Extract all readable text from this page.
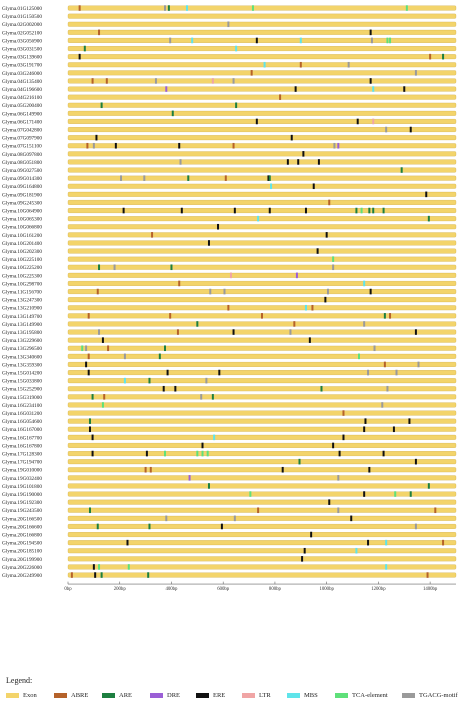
Glyma.01G125000
Glyma.01G150500
Glyma.02G002000
Glyma.02G052100
Glyma.03G056900
Glyma.03G031500
Glyma.03G139600
Glyma.03G191700
Glyma.03G246000
Glyma.04G135400
Glyma.04G196600
Glyma.04G216100
Glyma.05G200400
Glyma.06G149900
Glyma.06G171400
Glyma.07G042800
Glyma.07G097900
Glyma.07G151100
Glyma.08G097800
Glyma.08G051800
Glyma.09G027500
Glyma.09G014300
Glyma.09G164800
Glyma.09G181900
Glyma.09G245300
Glyma.10G064900
Glyma.10G065300
Glyma.10G066800
Glyma.10G161200
Glyma.10G201400
Glyma.10G202300
Glyma.10G225100
Glyma.10G225200
Glyma.10G225300
Glyma.10G298700
Glyma.11G156700
Glyma.13G247300
Glyma.13G210900
Glyma.13G149700
Glyma.13G149900
Glyma.13G195800
Glyma.13G229600
Glyma.13G296500
Glyma.13G340600
Glyma.13G359300
Glyma.15G014200
Glyma.15G033800
Glyma.15G252900
Glyma.15G319000
Glyma.16G234100
Glyma.16G031200
Glyma.16G054600
Glyma.16G167000
Glyma.16G167700
Glyma.16G167800
Glyma.17G128300
Glyma.17G194700
Glyma.19G010000
Glyma.19G032400
Glyma.19G101800
Glyma.19G190000
Glyma.19G192300
Glyma.19G243500
Glyma.20G166500
Glyma.20G166600
Glyma.20G166800
Glyma.20G194500
Glyma.20G185100
Glyma.20G199900
Glyma.20G226000
Glyma.20G249900
0bp	200bp	400bp	600bp	800bp	1000bp	1200bp	1400bp
Legend:
Exon	ABRE	ARE	DRE	ERE	LTR	MBS	TCA-element	TGACG-motif
